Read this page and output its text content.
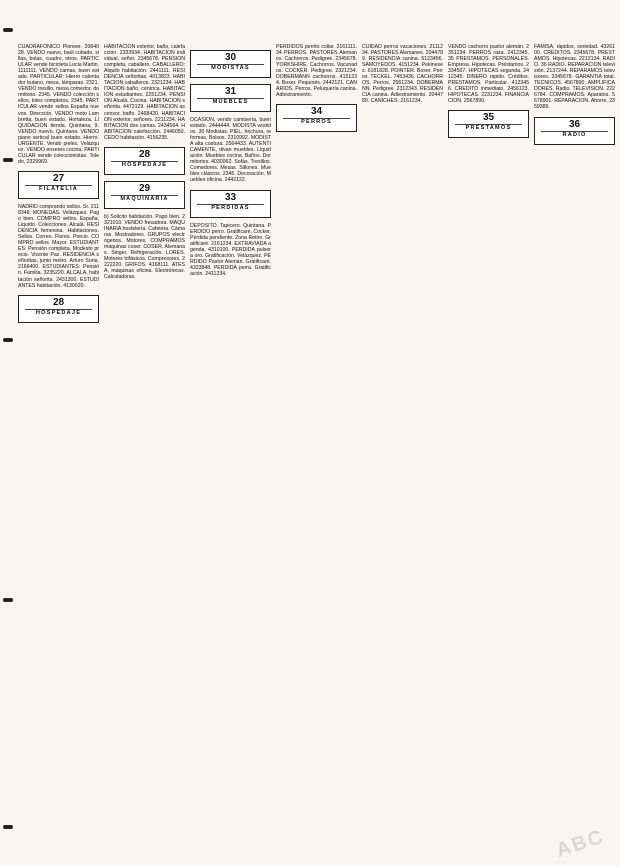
CUADRAFONICO Pioneer. 2064028. VENDO nuevo, baúl cubado, sillas, bolas, cuadro, otros. PARTICULAR vende bicicleta Lucia Martin. 1111111. VENDO camas, buen estado. PARTICULAR: Hierro calentador butano, mesa, lámparas. 2321. VENDO tresillo, mesa comedor, dormitorio. 2345. VENDO colección sellos, lotes completos, 2345. PARTICULAR vende sellos España nuevos. Dirección. VENDO moto Lambretta, buen estado. Hortaleza. LIQUIDACION tienda. Quintana, 9. VENDO nuevo. Quintana. VENDO piano vertical buen estado. Hierro. URGENTE. Vendo pieles. Velázquez. VENDO enseres cocina. PARTICULAR vende coleccionistas. Toledo, 2329969.

27
FILATELIA

NADRID comprando sellos. Sr. 2118348. MONEDAS. Velázquez. Pago bien. COMPRO sellos. España. Liquido. Colecciones. Alcalá. RESIDENCIA femenina. Habitaciones. Sellos. Correo. Flores. Precio. COMPRO sellos. Mayor. ESTUDIANTES: Pensión completa. Modesto precio. Vicente Paz. RESIDENCIA señoritas, junto metro. Arturo Soria. 2166400. ESTUDIANTES: Pensión. Familia. 3235220. ALCALA, habitación señorita. 2431300. ESTUDIANTES habitación. 4130020.

28
HOSPEDAJE

HABITACION exterior, baño, calefacción. 2333934. HABITACION individual, señor. 2345678. PENSION completa, caballero. CABALLERO: Alquilo habitación. 2441111. RESIDENCIA señoritas. 4013823. HABITACION caballeros. 2321234. HABITACION baño, céntrica. HABITACION estudiantes. 2251234. PENSION Alcalá. Cocina. HABITACION señorita. 4472129. HABITACION ascensor, baño. 2468420. HABITACION exterior, señores. 2211234. HABITACION dos camas. 2434564. HABITACION calefacción. 2446050. CEDO habitación. 4156235.

28
HOSPEDAJE
29
MAQUINARIA

b) Solicito habitación. Pago bien. 2321010. VENDO fresadora. MAQUINARIA hostelería. Cafetera. Cámaras. Mostradores. GRUPOS electrógenos. Motores. COMPRAMOS máquinas coser. COSER. Alemanas. Singer. Refrigeración. LORES. Motores trifásicos. Compresores. 2222220. GRIFOS. 4168111. ATESA, máquinas oficina. Electrónicas. Calculadoras.

30
MODISTAS
31
MUEBLES

OCASION, vendo camisería, buen estado. 2444444. MODISTA vestidos. 30 Modistas. PIEL, hechura, reformas. Bolsos. 2310992. MODISTA alta costura. 2564433. AUTENTICAMENTE, divan muebles. Liquidación. Muebles cocina. Baños. Dormitorios. 4030062. Sofás. Tresillos. Comedores. Mesas. Sillones. Muebles clásicos. 2345. Decoración. Muebles oficina. 2442122.

33
PERDIDAS

DEPOSITO. Tapicero. Quintana. PERDIDO perro. Gratificaré. Cocker. Pérdida pendiente. Zona Retiro. Gratificaré. 2161234. EXTRAVIADA agenda. 4310100. PERDIDA pulsera oro. Gratificación. Velázquez. PERDIDO Pastor Alemán. Gratificaré. 4323848. PERDIDA perra. Gratificación. 2411234.

PERDIDOS perrito collar. 2161111. 34 PERROS. PASTORES Alemanes. Cachorros. Pedigree. 2345678. YORKSHIRE. Cachorros. Vacunados. COCKER. Pedigree. 2321234. DOBERMANN cachorros. 4151234. Boxer. Pequinés. 2442121. CANARIOS. Perros. Peluquería canina. Adiestramiento.

34
PERROS

CUIDAD perros vacaciones. 2111234. PASTORES Alemanes. 2044789. RESIDENCIA canina. 5123456. SAMOYEDOS. 4151234. Pekineses. 6181828. POINTER. Boxer. Perros. TECKEL. 7453436. CACHORROS. Perros. 2561234. DOBERMANN. Pedigree. 2312343. RESIDENCIA canina. Adiestramiento. 2044789. CANICHES. 2161234.

VENDO cachorro pastor alemán. 2351234. PERROS raza. 2412345. 35 PRESTAMOS. PERSONALES. Empresa. Hipotecas. Préstamos. 2334567. HIPOTECAS segunda. 2412345. DINERO rápido. Créditos. PRESTAMOS. Particular. 4123456. CREDITO inmediato. 2456123. HIPOTECAS. 2231234. FINANCIACION. 2567890.

35
PRESTAMOS

FAMISA, rápidos, seriedad. 4326100. CREDITOS. 2345678. PRESTAMOS. Hipotecas. 2212134. RADIO. 36 RADIO. REPARACION televisión. 2137244. REPARAMOS televisores. 2345678. GARANTIA total. TECNICOS. 4567890. AMPLIFICADORES. Radio. TELEVISION. 2226784. COMPRAMOS. Aparatos. 5678901. REPARACION. Ahorre. 2359389.

36
RADIO
ABC
